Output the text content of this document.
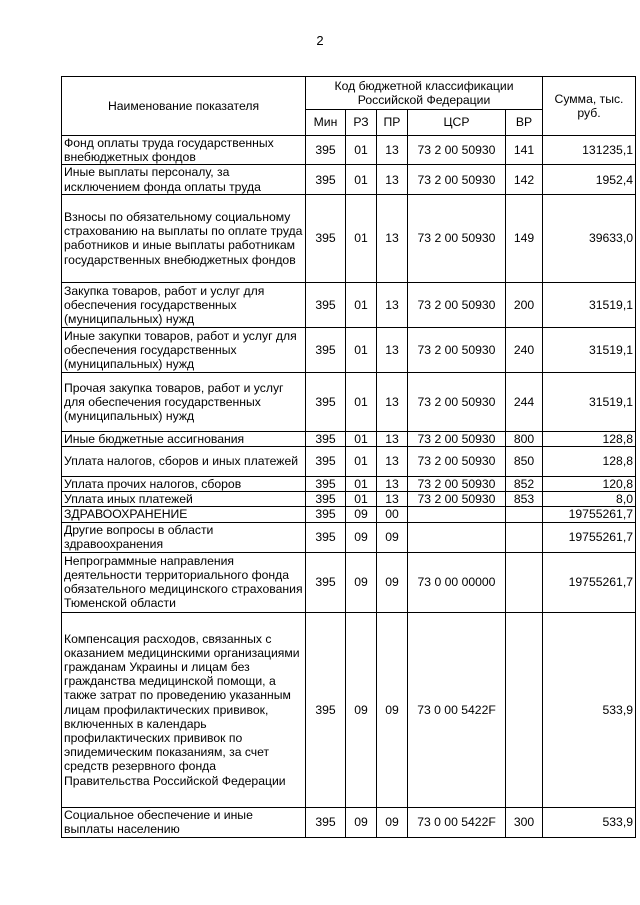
2
Наименование показателя	Код бюджетной классификации Российской Федерации					Сумма, тыс. руб.
	Мин	РЗ	ПР	ЦСР	ВР	
Фонд оплаты труда государственных внебюджетных фондов	395	01	13	73 2 00 50930	141	131235,1
Иные выплаты персоналу, за исключением фонда оплаты труда	395	01	13	73 2 00 50930	142	1952,4
Взносы по обязательному социальному страхованию на выплаты по оплате труда работников и иные выплаты работникам государственных внебюджетных фондов	395	01	13	73 2 00 50930	149	39633,0
Закупка товаров, работ и услуг для обеспечения государственных (муниципальных) нужд	395	01	13	73 2 00 50930	200	31519,1
Иные закупки товаров, работ и услуг для обеспечения государственных (муниципальных) нужд	395	01	13	73 2 00 50930	240	31519,1
Прочая закупка товаров, работ и услуг для обеспечения государственных (муниципальных) нужд	395	01	13	73 2 00 50930	244	31519,1
Иные бюджетные ассигнования	395	01	13	73 2 00 50930	800	128,8
Уплата налогов, сборов и иных платежей	395	01	13	73 2 00 50930	850	128,8
Уплата прочих налогов, сборов	395	01	13	73 2 00 50930	852	120,8
Уплата иных платежей	395	01	13	73 2 00 50930	853	8,0
ЗДРАВООХРАНЕНИЕ	395	09	00			19755261,7
Другие вопросы в области здравоохранения	395	09	09			19755261,7
Непрограммные направления деятельности территориального фонда обязательного медицинского страхования Тюменской области	395	09	09	73 0 00 00000		19755261,7
Компенсация расходов, связанных с оказанием медицинскими организациями гражданам Украины и лицам без гражданства медицинской помощи, а также затрат по проведению указанным лицам профилактических прививок, включенных в календарь профилактических прививок по эпидемическим показаниям, за счет средств резервного фонда Правительства Российской Федерации	395	09	09	73 0 00 5422F		533,9
Социальное обеспечение и иные выплаты населению	395	09	09	73 0 00 5422F	300	533,9
